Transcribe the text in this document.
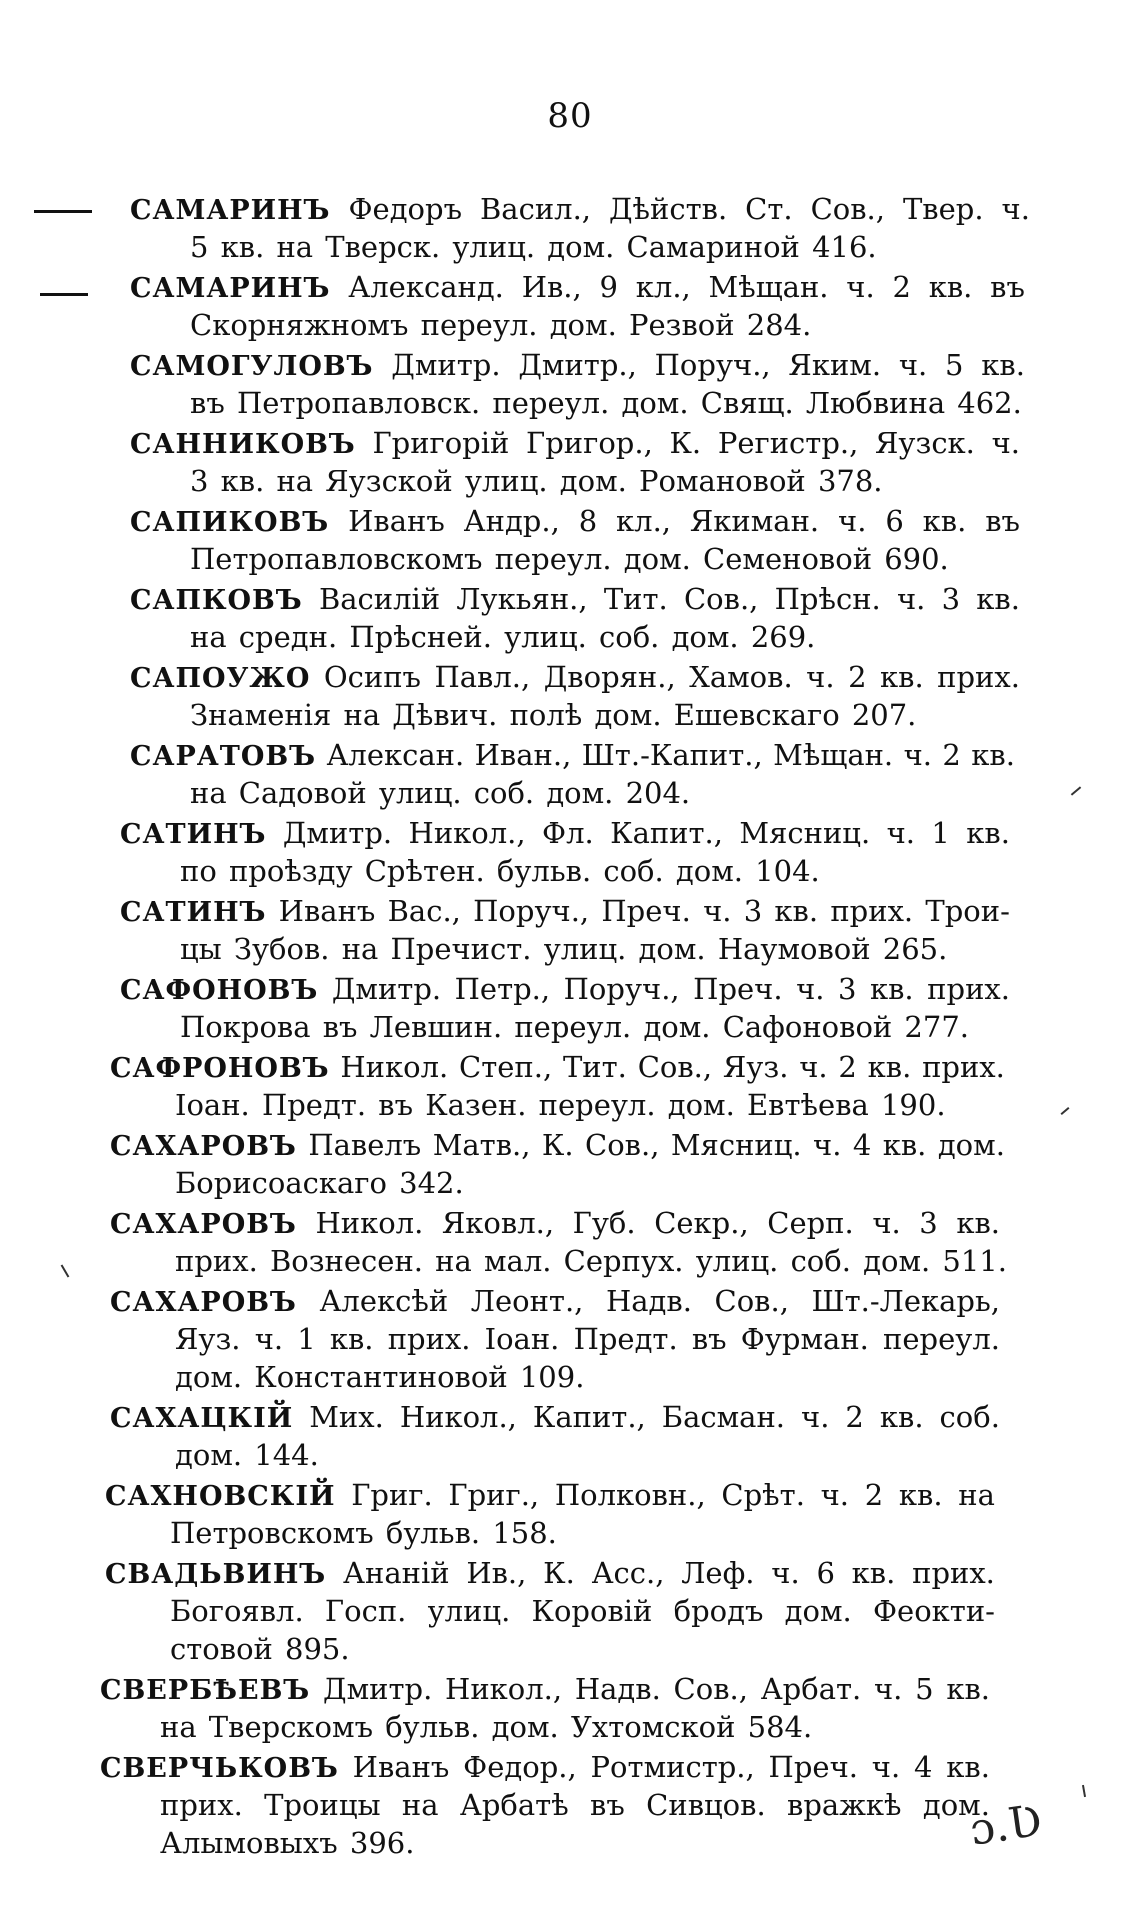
80
САМАРИНЪ Федоръ Васил., Дѣйств. Ст. Сов., Твер. ч.
5 кв. на Тверск. улиц. дом. Самариной 416.
САМАРИНЪ Александ. Ив., 9 кл., Мѣщан. ч. 2 кв. въ
Скорняжномъ переул. дом. Резвой 284.
САМОГУЛОВЪ Дмитр. Дмитр., Поруч., Яким. ч. 5 кв.
въ Петропавловск. переул. дом. Свящ. Любвина 462.
САННИКОВЪ Григорій Григор., К. Регистр., Яузск. ч.
3 кв. на Яузской улиц. дом. Романовой 378.
САПИКОВЪ Иванъ Андр., 8 кл., Якиман. ч. 6 кв. въ
Петропавловскомъ переул. дом. Семеновой 690.
САПКОВЪ Василій Лукьян., Тит. Сов., Прѣсн. ч. 3 кв.
на средн. Прѣсней. улиц. соб. дом. 269.
САПОУЖО Осипъ Павл., Дворян., Хамов. ч. 2 кв. прих.
Знаменія на Дѣвич. полѣ дом. Ешевскаго 207.
САРАТОВЪ Алексан. Иван., Шт.-Капит., Мѣщан. ч. 2 кв.
на Садовой улиц. соб. дом. 204.
САТИНЪ Дмитр. Никол., Фл. Капит., Мясниц. ч. 1 кв.
по проѣзду Срѣтен. бульв. соб. дом. 104.
САТИНЪ Иванъ Вас., Поруч., Преч. ч. 3 кв. прих. Трои-
цы Зубов. на Пречист. улиц. дом. Наумовой 265.
САФОНОВЪ Дмитр. Петр., Поруч., Преч. ч. 3 кв. прих.
Покрова въ Левшин. переул. дом. Сафоновой 277.
САФРОНОВЪ Никол. Степ., Тит. Сов., Яуз. ч. 2 кв. прих.
Іоан. Предт. въ Казен. переул. дом. Евтѣева 190.
САХАРОВЪ Павелъ Матв., К. Сов., Мясниц. ч. 4 кв. дом.
Борисоаскаго 342.
САХАРОВЪ Никол. Яковл., Губ. Секр., Серп. ч. 3 кв.
прих. Вознесен. на мал. Серпух. улиц. соб. дом. 511.
САХАРОВЪ Алексѣй Леонт., Надв. Сов., Шт.-Лекарь,
Яуз. ч. 1 кв. прих. Іоан. Предт. въ Фурман. переул.
дом. Константиновой 109.
САХАЦКІЙ Мих. Никол., Капит., Басман. ч. 2 кв. соб.
дом. 144.
САХНОВСКІЙ Григ. Григ., Полковн., Срѣт. ч. 2 кв. на
Петровскомъ бульв. 158.
СВАДЬВИНЪ Ананій Ив., К. Асс., Леф. ч. 6 кв. прих.
Богоявл. Госп. улиц. Коровій бродъ дом. Феокти-
стовой 895.
СВЕРБѢЕВЪ Дмитр. Никол., Надв. Сов., Арбат. ч. 5 кв.
на Тверскомъ бульв. дом. Ухтомской 584.
СВЕРЧЬКОВЪ Иванъ Федор., Ротмистр., Преч. ч. 4 кв.
прих. Троицы на Арбатѣ въ Сивцов. вражкѣ дом.
Алымовыхъ 396.	ɔ.Ʋ
